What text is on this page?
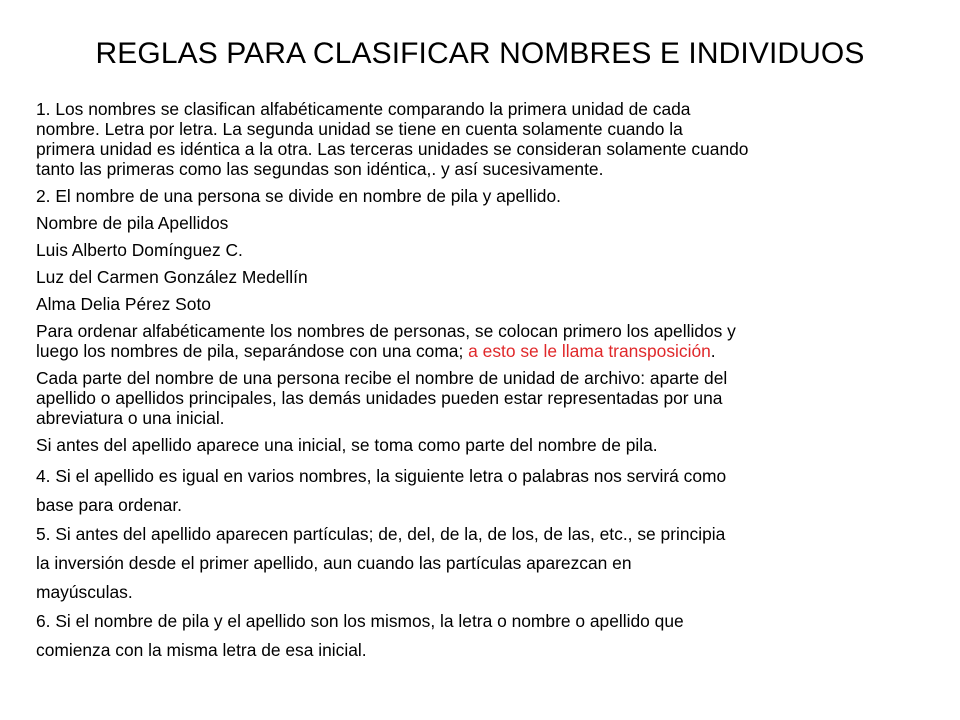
REGLAS PARA CLASIFICAR NOMBRES E INDIVIDUOS

1. Los nombres se clasifican alfabéticamente comparando la primera unidad de cada
nombre. Letra por letra. La segunda unidad se tiene en cuenta solamente cuando la
primera unidad es idéntica a la otra. Las terceras unidades se consideran solamente cuando
tanto las primeras como las segundas son idéntica,. y así sucesivamente.

2. El nombre de una persona se divide en nombre de pila y apellido.

Nombre de pila Apellidos

Luis Alberto Domínguez C.

Luz del Carmen González Medellín

Alma Delia Pérez Soto

Para ordenar alfabéticamente los nombres de personas, se colocan primero los apellidos y
luego los nombres de pila, separándose con una coma; a esto se le llama transposición.

Cada parte del nombre de una persona recibe el nombre de unidad de archivo: aparte del
apellido o apellidos principales, las demás unidades pueden estar representadas por una
abreviatura o una inicial.

Si antes del apellido aparece una inicial, se toma como parte del nombre de pila.

4. Si el apellido es igual en varios nombres, la siguiente letra o palabras nos servirá como
base para ordenar.

5. Si antes del apellido aparecen partículas; de, del, de la, de los, de las, etc., se principia
la inversión desde el primer apellido, aun cuando las partículas aparezcan en
mayúsculas.

6. Si el nombre de pila y el apellido son los mismos, la letra o nombre o apellido que
comienza con la misma letra de esa inicial.
